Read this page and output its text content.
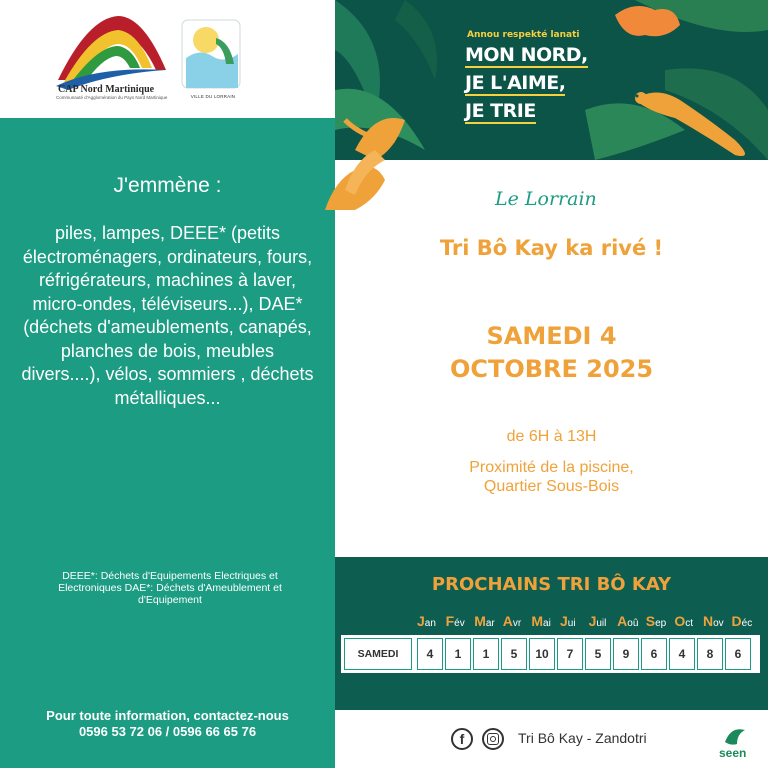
CAP Nord Martinique
Communauté d'Agglomération du Pays Nord Martinique	VILLE DU LORRAIN
J'emmène :
piles, lampes, DEEE* (petits électroménagers, ordinateurs, fours, réfrigérateurs, machines à laver, micro-ondes, téléviseurs...), DAE* (déchets d'ameublements, canapés, planches de bois, meubles divers....), vélos, sommiers , déchets métalliques...
DEEE*: Déchets d'Equipements Electriques et Electroniques DAE*: Déchets d'Ameublement et d'Equipement
Pour toute information, contactez-nous
0596 53 72 06 / 0596 66 65 76
Annou respekté lanati
MON NORD,
JE L'AIME,
JE TRIE
Le Lorrain
Tri Bô Kay ka rivé !
SAMEDI 4
OCTOBRE 2025
de 6H à 13H
Proximité de la piscine,
Quartier Sous-Bois
PROCHAINS TRI BÔ KAY
Jan Fév Mar Avr Mai Jui Juil Aoû Sep Oct Nov Déc
SAMEDI	4	1	1	5	10	7	5	9	6	4	8	6
f	Tri Bô Kay - Zandotri
seen
